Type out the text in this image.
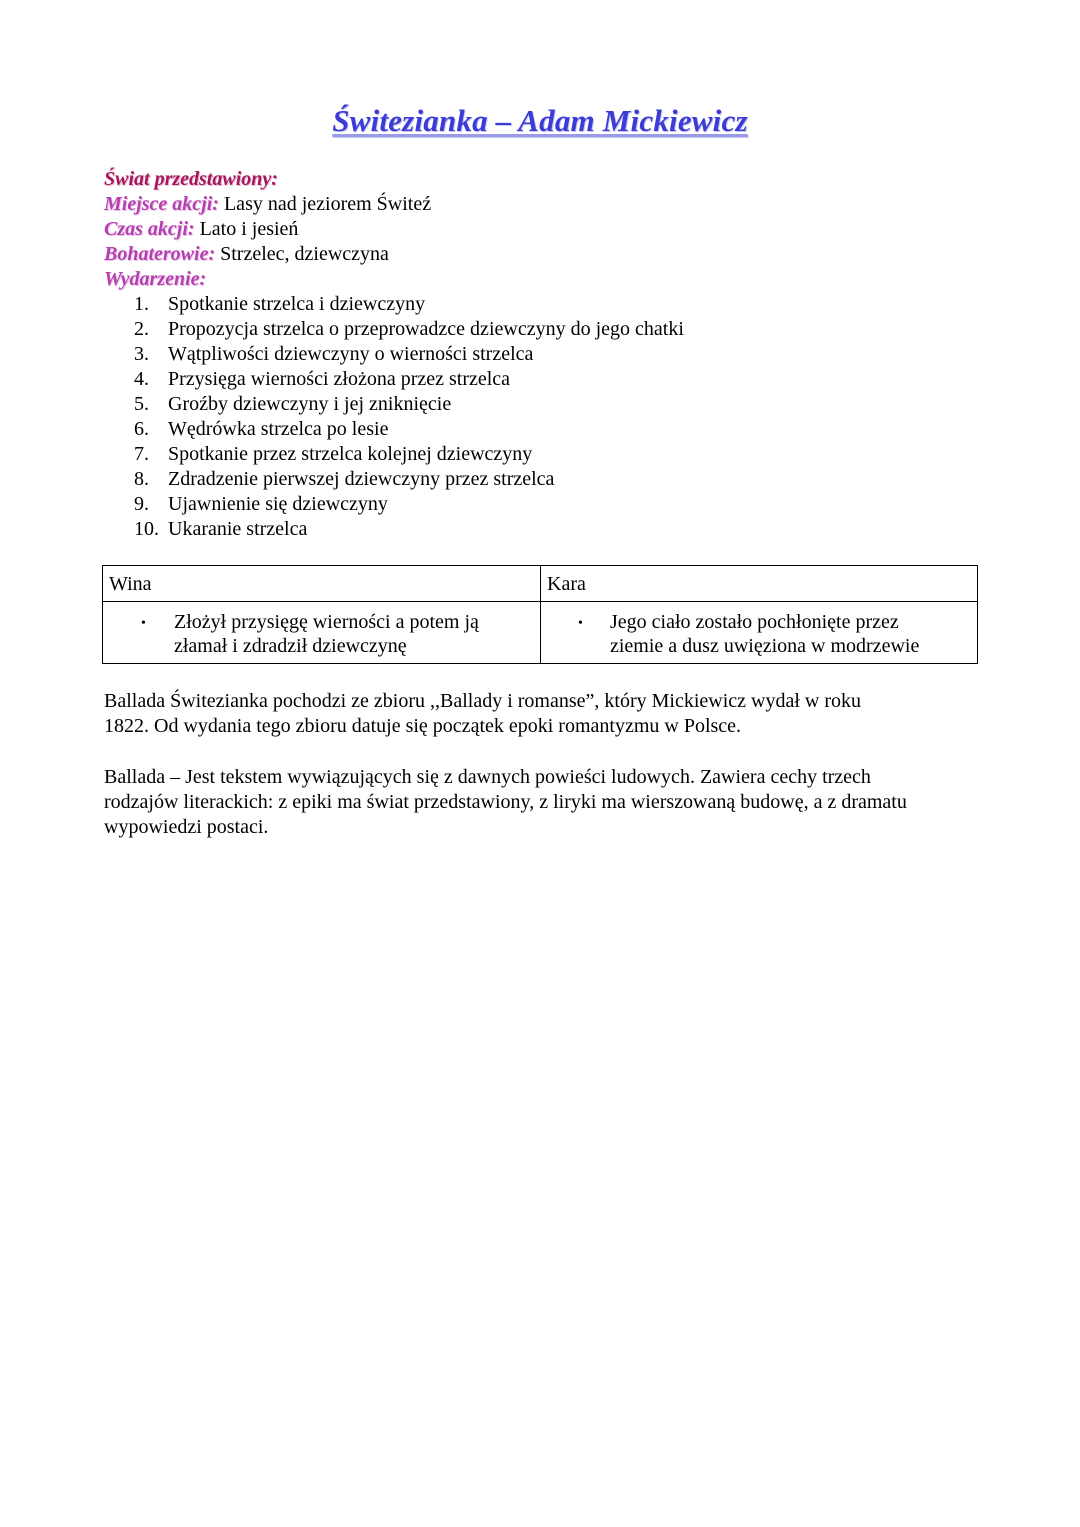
Świtezianka – Adam Mickiewicz
Świat przedstawiony:
Miejsce akcji: Lasy nad jeziorem Świteź
Czas akcji: Lato i jesień
Bohaterowie: Strzelec, dziewczyna
Wydarzenie:
1. Spotkanie strzelca i dziewczyny
2. Propozycja strzelca o przeprowadzce dziewczyny do jego chatki
3. Wątpliwości dziewczyny o wierności strzelca
4. Przysięga wierności złożona przez strzelca
5. Groźby dziewczyny i jej zniknięcie
6. Wędrówka strzelca po lesie
7. Spotkanie przez strzelca kolejnej dziewczyny
8. Zdradzenie pierwszej dziewczyny przez strzelca
9. Ujawnienie się dziewczyny
10. Ukaranie strzelca
Wina	Kara
• Złożył przysięgę wierności a potem ją
złamał i zdradził dziewczynę
• Jego ciało zostało pochłonięte przez
ziemie a dusz uwięziona w modrzewie
Ballada Świtezianka pochodzi ze zbioru ,,Ballady i romanse”, który Mickiewicz wydał w roku
1822. Od wydania tego zbioru datuje się początek epoki romantyzmu w Polsce.
Ballada – Jest tekstem wywiązujących się z dawnych powieści ludowych. Zawiera cechy trzech
rodzajów literackich: z epiki ma świat przedstawiony, z liryki ma wierszowaną budowę, a z dramatu
wypowiedzi postaci.
